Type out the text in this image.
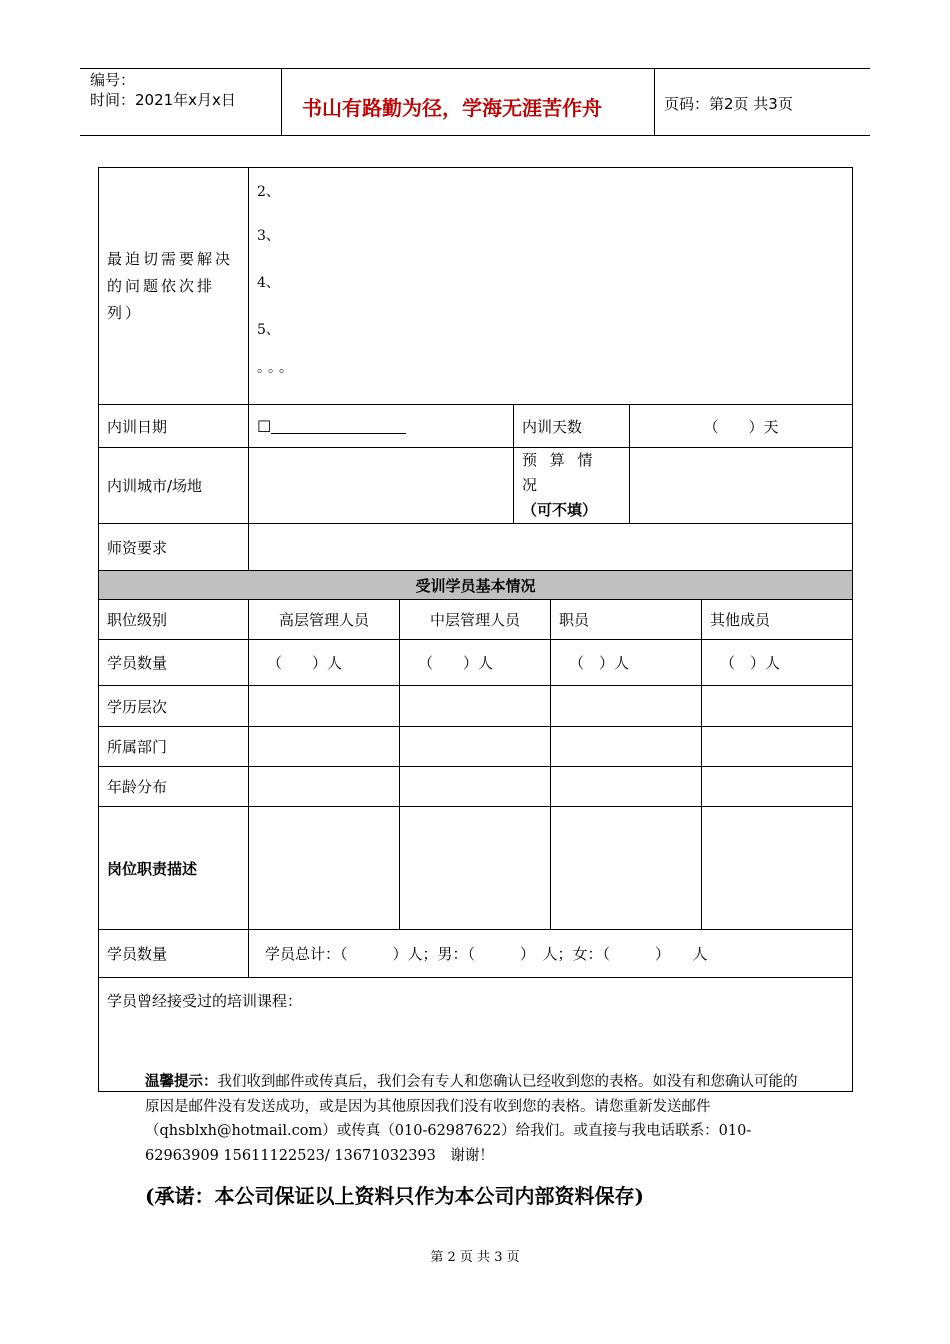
编号：
时间：2021年x月x日	书山有路勤为径，学海无涯苦作舟	页码：第2页 共3页
最迫切需要解决的问题依次排列）	2、
3、
4、
5、
。。。					

内训日期	☐		内训天数		（　　）天	
内训城市/场地			预 算 情 况
（可不填）			

师资要求						
受训学员基本情况						
职位级别	高层管理人员	中层管理人员		职员		其他成员
学员数量	（　　）人	（　　）人		（　）人		（　）人
学历层次						
所属部门						
年龄分布						
岗位职责描述						
学员数量	学员总计：（　　　）人；男：（　　　）　人；女：（　　　）　　人					
学员曾经接受过的培训课程：						
温馨提示：我们收到邮件或传真后，我们会有专人和您确认已经收到您的表格。如没有和您确认可能的原因是邮件没有发送成功，或是因为其他原因我们没有收到您的表格。请您重新发送邮件（qhsblxh@hotmail.com）或传真（010-62987622）给我们。或直接与我电话联系：010-62963909 15611122523/ 13671032393　谢谢！
(承诺：本公司保证以上资料只作为本公司内部资料保存)
第 2 页 共 3 页
